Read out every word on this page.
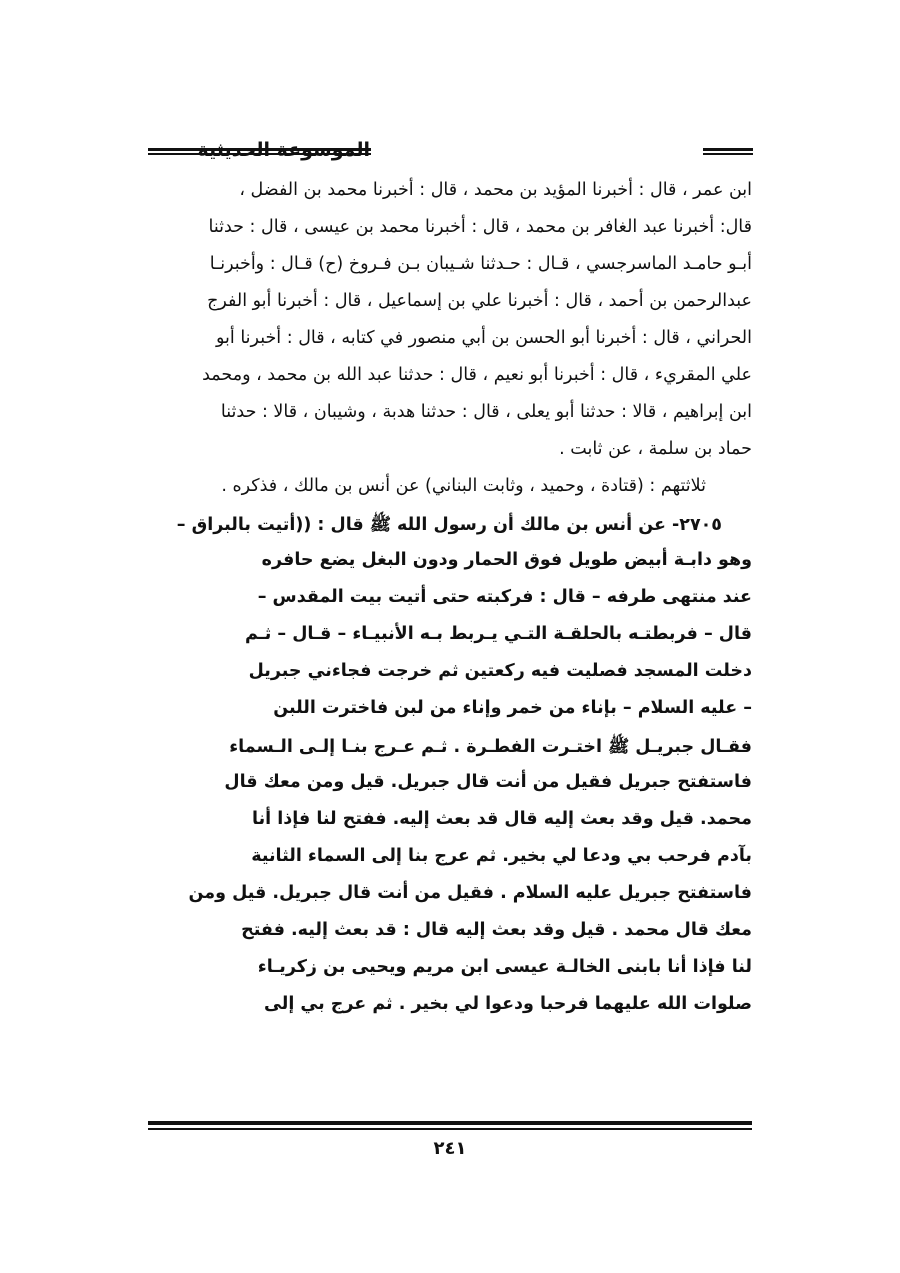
الموسوعة الحديثية
ابن عمر ، قال : أخبرنا المؤيد بن محمد ، قال : أخبرنا محمد بن الفضل ،
قال: أخبرنا عبد الغافر بن محمد ، قال : أخبرنا محمد بن عيسى ، قال : حدثنا
أبـو حامـد الماسرجسي ، قـال : حـدثنا شـيبان بـن فـروخ (ح) قـال : وأخبرنـا
عبدالرحمن بن أحمد ، قال : أخبرنا علي بن إسماعيل ، قال : أخبرنا أبو الفرج
الحراني ، قال : أخبرنا أبو الحسن بن أبي منصور في كتابه ، قال : أخبرنا أبو
علي المقريء ، قال : أخبرنا أبو نعيم ، قال : حدثنا عبد الله بن محمد ، ومحمد
ابن إبراهيم ، قالا : حدثنا أبو يعلى ، قال : حدثنا هدبة ، وشيبان ، قالا : حدثنا
حماد بن سلمة ، عن ثابت .
ثلاثتهم : (قتادة ، وحميد ، وثابت البناني) عن أنس بن مالك ، فذكره .
٢٧٠٥- عن أنس بن مالك أن رسول الله ﷺ قال : ((أتيت بالبراق –
وهو دابـة أبيض طويل فوق الحمار ودون البغل يضع حافره
عند منتهى طرفه – قال : فركبته حتى أتيت بيت المقدس –
قال – فربطتـه بالحلقـة التـي يـربط بـه الأنبيـاء – قـال – ثـم
دخلت المسجد فصليت فيه ركعتين ثم خرجت فجاءني جبريل
– عليه السلام – بإناء من خمر وإناء من لبن فاخترت اللبن
فقـال جبريـل ﷺ اختـرت الفطـرة . ثـم عـرج بنـا إلـى الـسماء
فاستفتح جبريل فقيل من أنت قال جبريل. قيل ومن معك قال
محمد. قيل وقد بعث إليه قال قد بعث إليه. ففتح لنا فإذا أنا
بآدم فرحب بي ودعا لي بخير. ثم عرج بنا إلى السماء الثانية
فاستفتح جبريل عليه السلام . فقيل من أنت قال جبريل. قيل ومن
معك قال محمد . قيل وقد بعث إليه قال : قد بعث إليه. ففتح
لنا فإذا أنا بابنى الخالـة عيسى ابن مريم ويحيى بن زكريـاء
صلوات الله عليهما فرحبا ودعوا لي بخير . ثم عرج بي إلى
٢٤١
